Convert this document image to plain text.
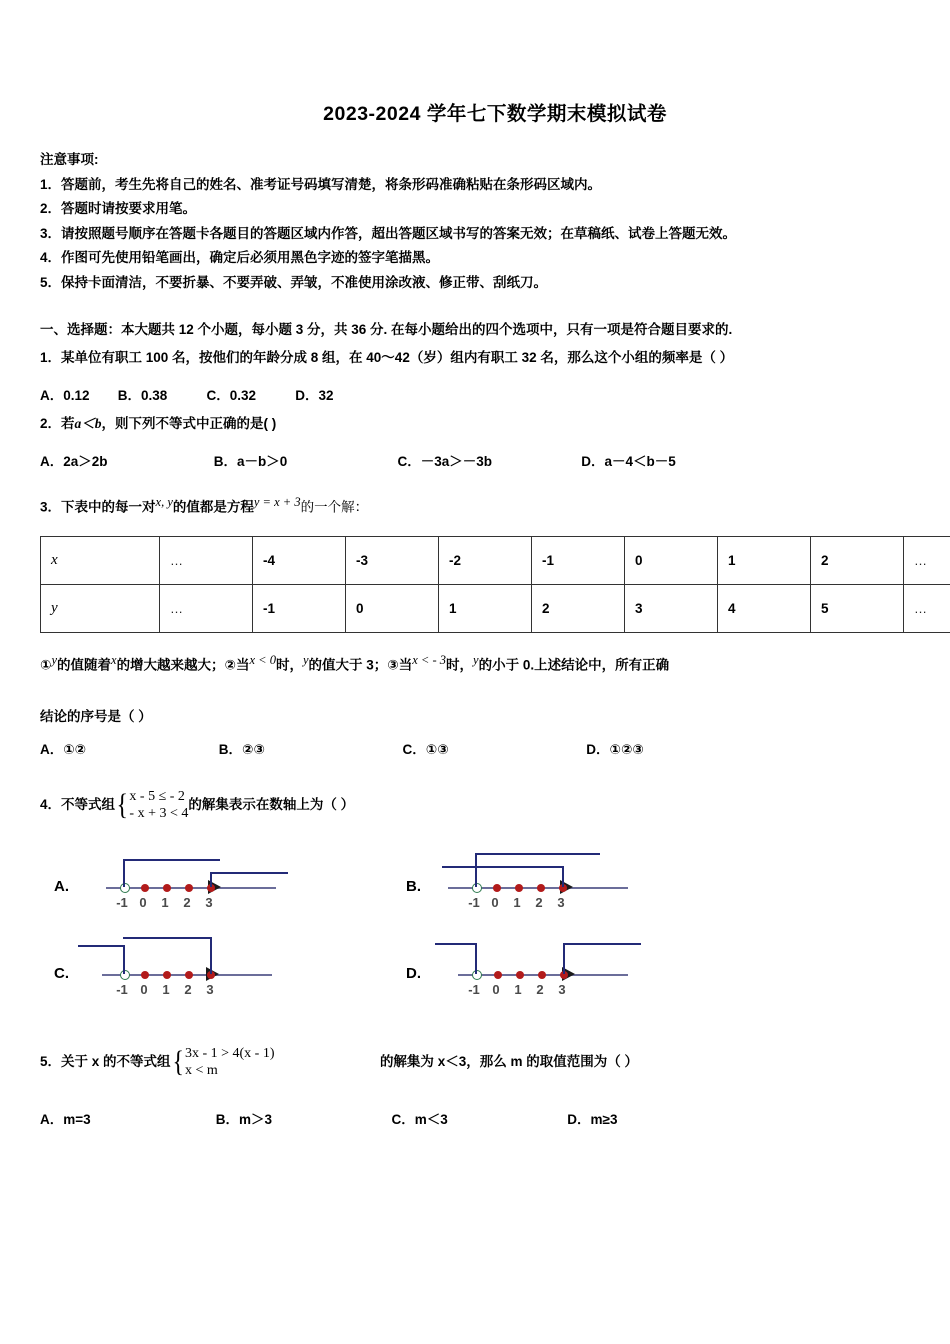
2023-2024 学年七下数学期末模拟试卷
注意事项:
1．答题前，考生先将自己的姓名、准考证号码填写清楚，将条形码准确粘贴在条形码区域内。
2．答题时请按要求用笔。
3．请按照题号顺序在答题卡各题目的答题区域内作答，超出答题区域书写的答案无效；在草稿纸、试卷上答题无效。
4．作图可先使用铅笔画出，确定后必须用黑色字迹的签字笔描黑。
5．保持卡面清洁，不要折暴、不要弄破、弄皱，不准使用涂改液、修正带、刮纸刀。
一、选择题：本大题共 12 个小题，每小题 3 分，共 36 分. 在每小题给出的四个选项中，只有一项是符合题目要求的.
1．某单位有职工 100 名，按他们的年龄分成 8 组，在 40～42（岁）组内有职工 32 名，那么这个小组的频率是（ ）
A．0.12 B．0.38	C．0.32	D．32
2．若a＜b，则下列不等式中正确的是( )
A．2a＞2b	B．a－b＞0	C．－3a＞－3b	D．a－4＜b－5
3．下表中的每一对x, y的值都是方程y = x + 3的一个解：
x	…	-4	-3	-2	-1	0	1	2	…
y	…	-1	0	1	2	3	4	5	…
①y的值随着x的增大越来越大；②当x < 0时，y的值大于 3；③当x < - 3时，y的小于 0.上述结论中，所有正确
结论的序号是（ ）
A．①②	B．②③	C．①③	D．①②③
4．不等式组{ x - 5 ≤ - 2
- x + 3 < 4
的解集表示在数轴上为（ ）
A.
-1 0	1	2	3
B.
-1 0	1	2	3
C.
-1 0	1	2	3
D.
-1 0	1	2	3
5．关于 x 的不等式组{ 3x - 1 > 4(x - 1)
x < m
的解集为 x＜3，那么 m 的取值范围为（ ）
A．m=3	B．m＞3	C．m＜3	D．m≥3
